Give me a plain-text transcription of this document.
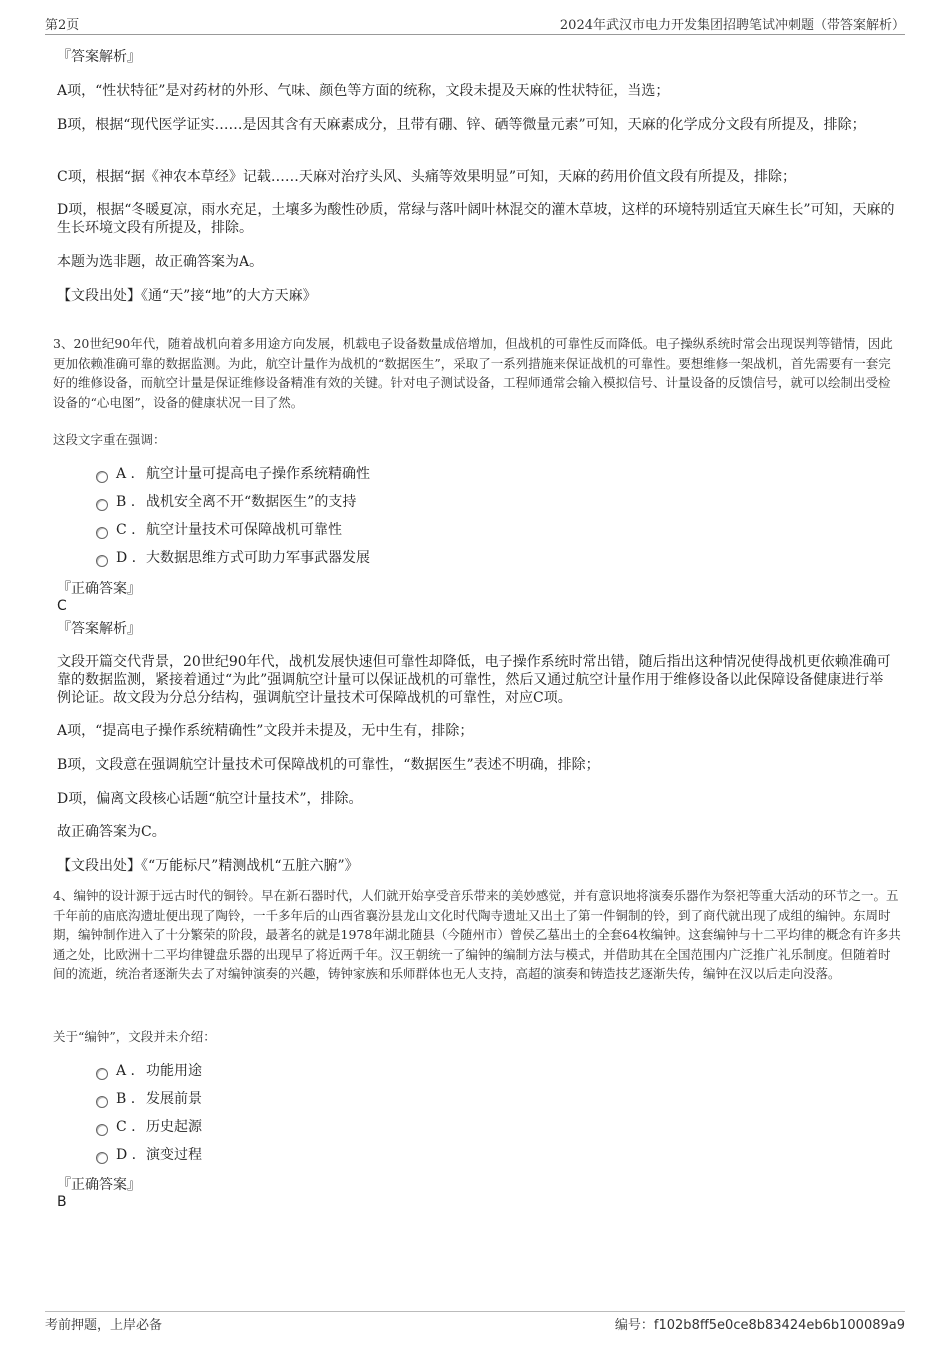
第2页	2024年武汉市电力开发集团招聘笔试冲刺题（带答案解析）
『答案解析』

A项，“性状特征”是对药材的外形、气味、颜色等方面的统称，文段未提及天麻的性状特征，当选；

B项，根据“现代医学证实……是因其含有天麻素成分，且带有硼、锌、硒等微量元素”可知，天麻的化学成分文段有所提及，排除；

C项，根据“据《神农本草经》记载……天麻对治疗头风、头痛等效果明显”可知，天麻的药用价值文段有所提及，排除；

D项，根据“冬暖夏凉，雨水充足，土壤多为酸性砂质，常绿与落叶阔叶林混交的灌木草坡，这样的环境特别适宜天麻生长”可知，天麻的生长环境文段有所提及，排除。

本题为选非题，故正确答案为A。

【文段出处】《通“天”接“地”的大方天麻》

3、20世纪90年代，随着战机向着多用途方向发展，机载电子设备数量成倍增加，但战机的可靠性反而降低。电子操纵系统时常会出现误判等错情，因此更加依赖准确可靠的数据监测。为此，航空计量作为战机的“数据医生”，采取了一系列措施来保证战机的可靠性。要想维修一架战机，首先需要有一套完好的维修设备，而航空计量是保证维修设备精准有效的关键。针对电子测试设备，工程师通常会输入模拟信号、计量设备的反馈信号，就可以绘制出受检设备的“心电图”，设备的健康状况一目了然。
这段文字重在强调：
A . 航空计量可提高电子操作系统精确性
B . 战机安全离不开“数据医生”的支持
C . 航空计量技术可保障战机可靠性
D . 大数据思维方式可助力军事武器发展
『正确答案』
C
『答案解析』

文段开篇交代背景，20世纪90年代，战机发展快速但可靠性却降低，电子操作系统时常出错，随后指出这种情况使得战机更依赖准确可靠的数据监测，紧接着通过“为此”强调航空计量可以保证战机的可靠性，然后又通过航空计量作用于维修设备以此保障设备健康进行举例论证。故文段为分总分结构，强调航空计量技术可保障战机的可靠性，对应C项。

A项，“提高电子操作系统精确性”文段并未提及，无中生有，排除；

B项，文段意在强调航空计量技术可保障战机的可靠性，“数据医生”表述不明确，排除；

D项，偏离文段核心话题“航空计量技术”，排除。

故正确答案为C。

【文段出处】《“万能标尺”精测战机“五脏六腑”》

4、编钟的设计源于远古时代的铜铃。早在新石器时代，人们就开始享受音乐带来的美妙感觉，并有意识地将演奏乐器作为祭祀等重大活动的环节之一。五千年前的庙底沟遗址便出现了陶铃，一千多年后的山西省襄汾县龙山文化时代陶寺遗址又出土了第一件铜制的铃，到了商代就出现了成组的编钟。东周时期，编钟制作进入了十分繁荣的阶段，最著名的就是1978年湖北随县（今随州市）曾侯乙墓出土的全套64枚编钟。这套编钟与十二平均律的概念有许多共通之处，比欧洲十二平均律键盘乐器的出现早了将近两千年。汉王朝统一了编钟的编制方法与模式，并借助其在全国范围内广泛推广礼乐制度。但随着时间的流逝，统治者逐渐失去了对编钟演奏的兴趣，铸钟家族和乐师群体也无人支持，高超的演奏和铸造技艺逐渐失传，编钟在汉以后走向没落。
关于“编钟”，文段并未介绍：
A . 功能用途
B . 发展前景
C . 历史起源
D . 演变过程
『正确答案』
B
考前押题，上岸必备	编号：f102b8ff5e0ce8b83424eb6b100089a9
